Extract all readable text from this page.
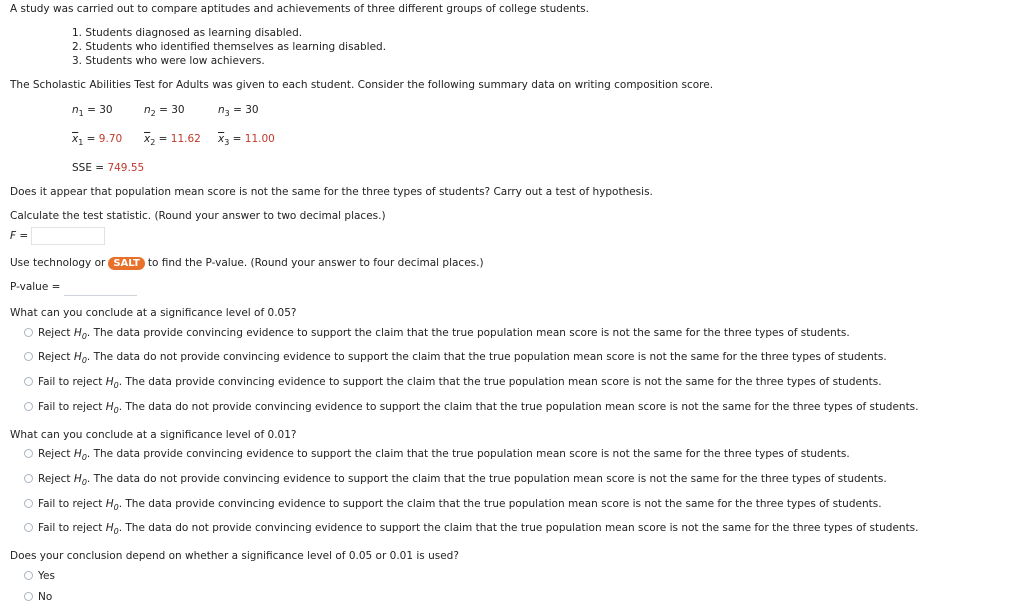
A study was carried out to compare aptitudes and achievements of three different groups of college students.
1. Students diagnosed as learning disabled.
2. Students who identified themselves as learning disabled.
3. Students who were low achievers.
The Scholastic Abilities Test for Adults was given to each student. Consider the following summary data on writing composition score.
$n_1 = 30$	$n_2 = 30$	$n_3 = 30$
$\overline{x}_1 = 9.70$ $\overline{x}_2 = 11.62$ $\overline{x}_3 = 11.00$
SSE = 749.55
Does it appear that population mean score is not the same for the three types of students? Carry out a test of hypothesis.
Calculate the test statistic. (Round your answer to two decimal places.)
F =
Use technology or SALT to find the P-value. (Round your answer to four decimal places.)
P-value =
What can you conclude at a significance level of 0.05?
Reject $H_0$. The data provide convincing evidence to support the claim that the true population mean score is not the same for the three types of students.
Reject $H_0$. The data do not provide convincing evidence to support the claim that the true population mean score is not the same for the three types of students.
Fail to reject $H_0$. The data provide convincing evidence to support the claim that the true population mean score is not the same for the three types of students.
Fail to reject $H_0$. The data do not provide convincing evidence to support the claim that the true population mean score is not the same for the three types of students.
What can you conclude at a significance level of 0.01?
Reject $H_0$. The data provide convincing evidence to support the claim that the true population mean score is not the same for the three types of students.
Reject $H_0$. The data do not provide convincing evidence to support the claim that the true population mean score is not the same for the three types of students.
Fail to reject $H_0$. The data provide convincing evidence to support the claim that the true population mean score is not the same for the three types of students.
Fail to reject $H_0$. The data do not provide convincing evidence to support the claim that the true population mean score is not the same for the three types of students.
Does your conclusion depend on whether a significance level of 0.05 or 0.01 is used?
Yes
No
